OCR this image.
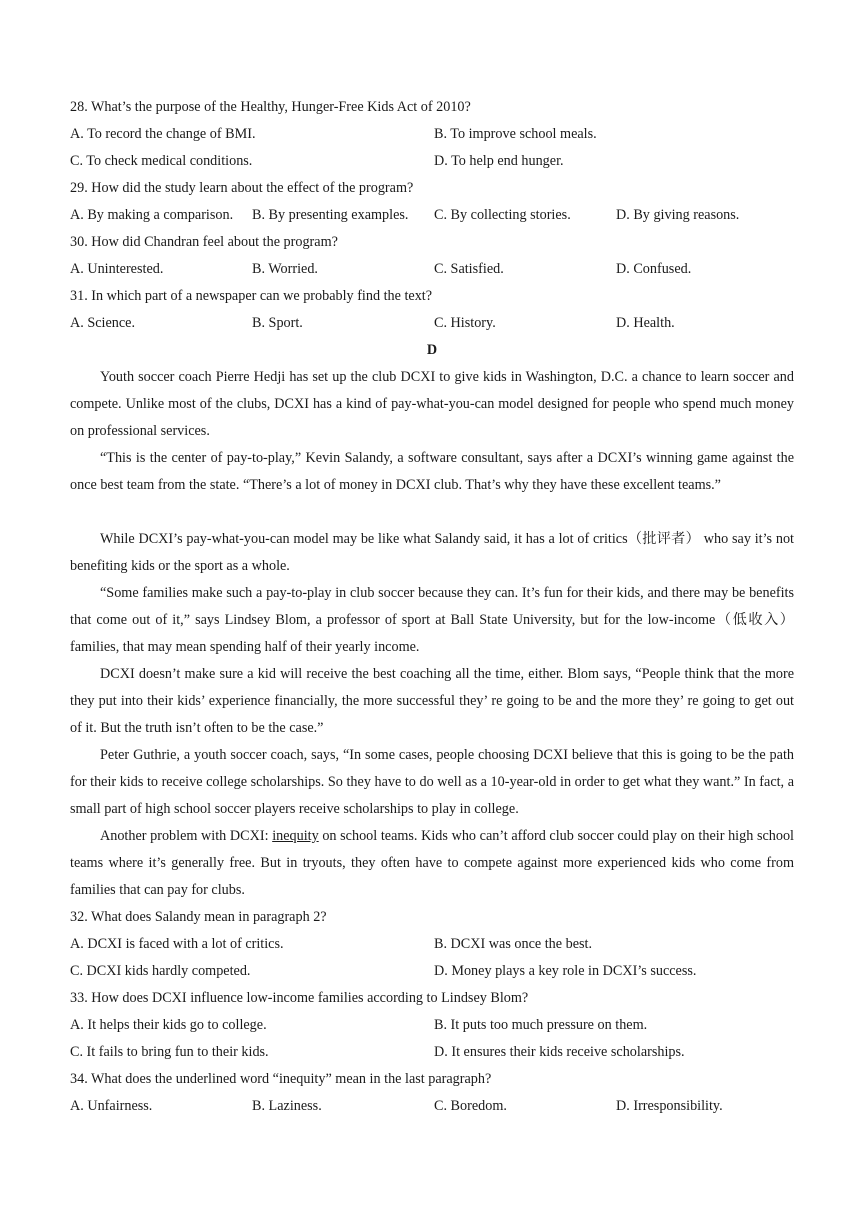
28. What’s the purpose of the Healthy, Hunger-Free Kids Act of 2010?
A. To record the change of BMI.	B. To improve school meals.
C. To check medical conditions.	D. To help end hunger.
29. How did the study learn about the effect of the program?
A. By making a comparison. B. By presenting examples. C. By collecting stories.	D. By giving reasons.
30. How did Chandran feel about the program?
A. Uninterested.	B. Worried.	C. Satisfied.	D. Confused.
31. In which part of a newspaper can we probably find the text?
A. Science.	B. Sport.	C. History.	D. Health.
D

Youth soccer coach Pierre Hedji has set up the club DCXI to give kids in Washington, D.C. a chance to learn soccer and compete. Unlike most of the clubs, DCXI has a kind of pay-what-you-can model designed for people who spend much money on professional services.

“This is the center of pay-to-play,” Kevin Salandy, a software consultant, says after a DCXI’s winning game against the once best team from the state. “There’s a lot of money in DCXI club. That’s why they have these excellent teams.”

While DCXI’s pay-what-you-can model may be like what Salandy said, it has a lot of critics（批评者） who say it’s not benefiting kids or the sport as a whole.

“Some families make such a pay-to-play in club soccer because they can. It’s fun for their kids, and there may be benefits that come out of it,” says Lindsey Blom, a professor of sport at Ball State University, but for the low-income（低收入） families, that may mean spending half of their yearly income.

DCXI doesn’t make sure a kid will receive the best coaching all the time, either. Blom says, “People think that the more they put into their kids’ experience financially, the more successful they’ re going to be and the more they’ re going to get out of it. But the truth isn’t often to be the case.”

Peter Guthrie, a youth soccer coach, says, “In some cases, people choosing DCXI believe that this is going to be the path for their kids to receive college scholarships. So they have to do well as a 10-year-old in order to get what they want.” In fact, a small part of high school soccer players receive scholarships to play in college.

Another problem with DCXI: inequity on school teams. Kids who can’t afford club soccer could play on their high school teams where it’s generally free. But in tryouts, they often have to compete against more experienced kids who come from families that can pay for clubs.

32. What does Salandy mean in paragraph 2?
A. DCXI is faced with a lot of critics.	B. DCXI was once the best.
C. DCXI kids hardly competed.	D. Money plays a key role in DCXI’s success.
33. How does DCXI influence low-income families according to Lindsey Blom?
A. It helps their kids go to college.	B. It puts too much pressure on them.
C. It fails to bring fun to their kids.	D. It ensures their kids receive scholarships.
34. What does the underlined word “inequity” mean in the last paragraph?
A. Unfairness.	B. Laziness.	C. Boredom.	D. Irresponsibility.
